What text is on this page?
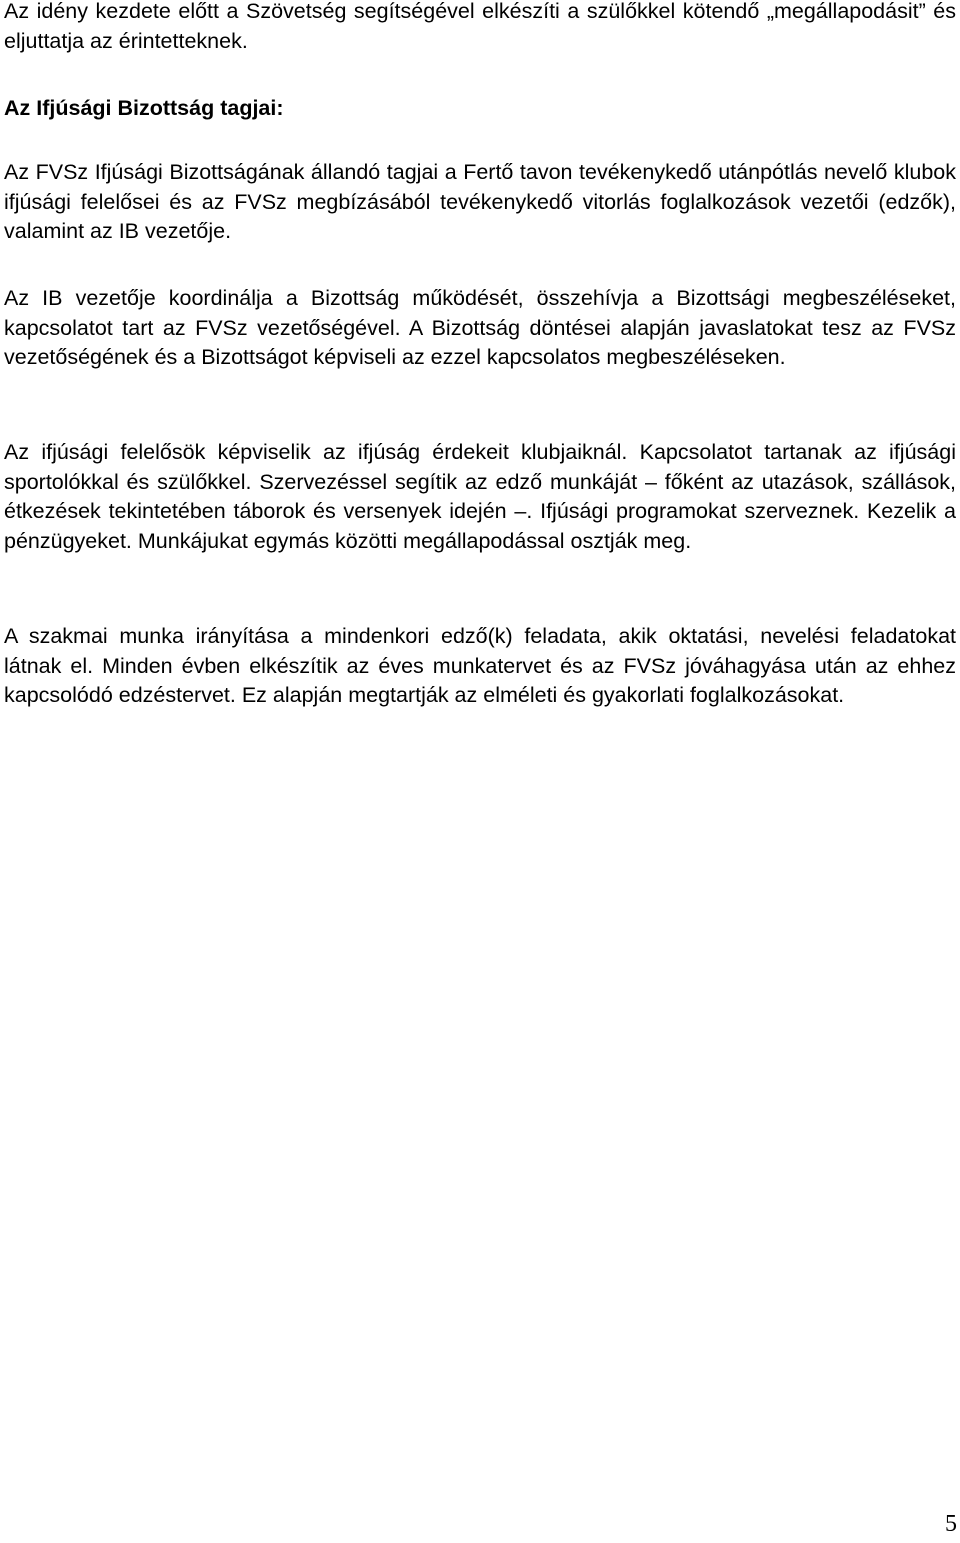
Az idény kezdete előtt a Szövetség segítségével elkészíti a szülőkkel kötendő „megállapodásit” és eljuttatja az érintetteknek.

Az Ifjúsági Bizottság tagjai:

Az FVSz Ifjúsági Bizottságának állandó tagjai a Fertő tavon tevékenykedő utánpótlás nevelő klubok ifjúsági felelősei és az FVSz megbízásából tevékenykedő vitorlás foglalkozások vezetői (edzők), valamint az IB vezetője.

Az IB vezetője koordinálja a Bizottság működését, összehívja a Bizottsági megbeszéléseket, kapcsolatot tart az FVSz vezetőségével. A Bizottság döntései alapján javaslatokat tesz az FVSz vezetőségének és a Bizottságot képviseli az ezzel kapcsolatos megbeszéléseken.

Az ifjúsági felelősök képviselik az ifjúság érdekeit klubjaiknál. Kapcsolatot tartanak az ifjúsági sportolókkal és szülőkkel. Szervezéssel segítik az edző munkáját – főként az utazások, szállások, étkezések tekintetében táborok és versenyek idején –. Ifjúsági programokat szerveznek. Kezelik a pénzügyeket. Munkájukat egymás közötti megállapodással osztják meg.

A szakmai munka irányítása a mindenkori edző(k) feladata, akik oktatási, nevelési feladatokat látnak el. Minden évben elkészítik az éves munkatervet és az FVSz jóváhagyása után az ehhez kapcsolódó edzéstervet. Ez alapján megtartják az elméleti és gyakorlati foglalkozásokat.

5
